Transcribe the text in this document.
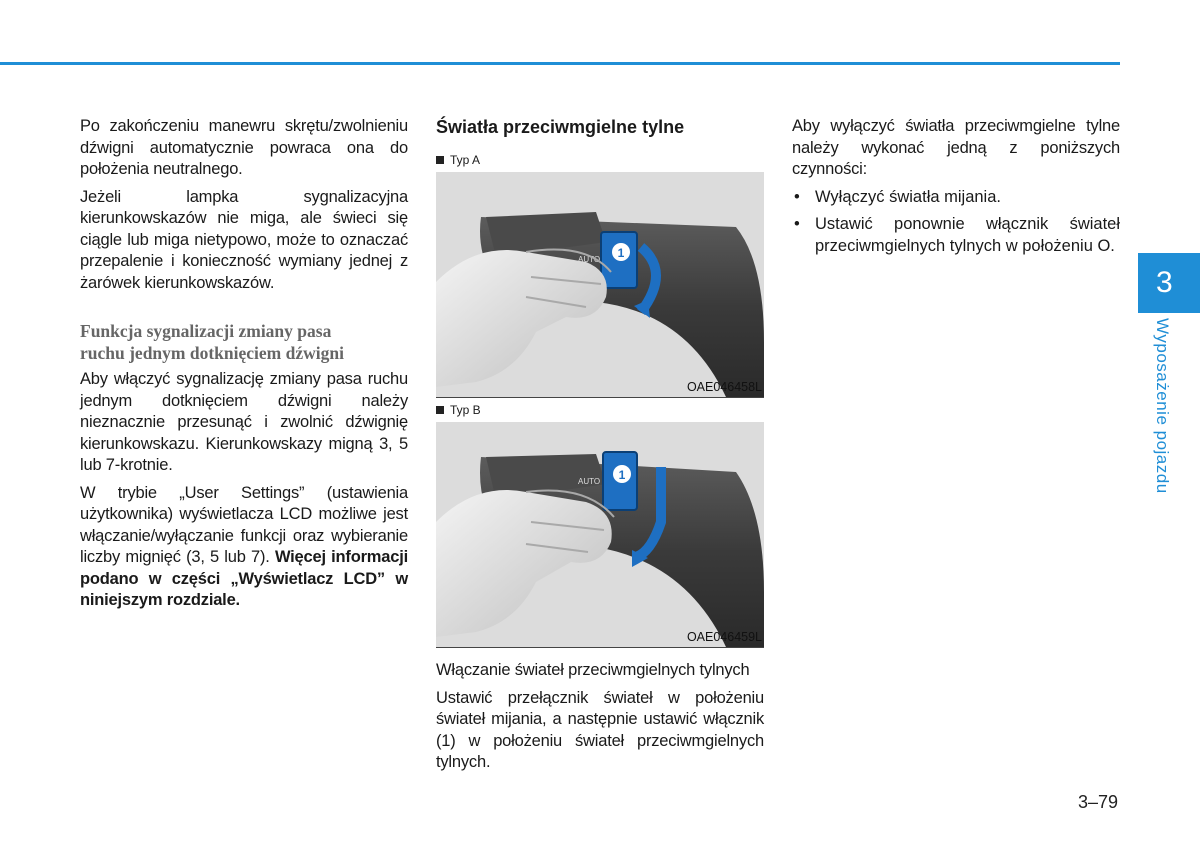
Po zakończeniu manewru skrętu/zwolnieniu dźwigni automatycznie powraca ona do położenia neutralnego.

Jeżeli lampka sygnalizacyjna kierunkowskazów nie miga, ale świeci się ciągle lub miga nietypowo, może to oznaczać przepalenie i konieczność wymiany jednej z żarówek kierunkowskazów.

Funkcja sygnalizacji zmiany pasa
ruchu jednym dotknięciem dźwigni

Aby włączyć sygnalizację zmiany pasa ruchu jednym dotknięciem dźwigni należy nieznacznie przesunąć i zwolnić dźwignię kierunkowskazu. Kierunkowskazy migną 3, 5 lub 7-krotnie.

W trybie „User Settings” (ustawienia użytkownika) wyświetlacza LCD możliwe jest włączanie/wyłączanie funkcji oraz wybieranie liczby mignięć (3, 5 lub 7). Więcej informacji podano w części „Wyświetlacz LCD” w niniejszym rozdziale.

Światła przeciwmgielne tylne
Typ A
1
AUTO
OAE046458L
Typ B
1
AUTO
OAE046459L

Włączanie świateł przeciwmgielnych tylnych

Ustawić przełącznik świateł w położeniu świateł mijania, a następnie ustawić włącznik (1) w położeniu świateł przeciwmgielnych tylnych.

Aby wyłączyć światła przeciwmgielne tylne należy wykonać jedną z poniższych czynności:

• Wyłączyć światła mijania.
• Ustawić ponownie włącznik świateł przeciwmgielnych tylnych w położeniu O.
3
Wyposażenie pojazdu
3–79
